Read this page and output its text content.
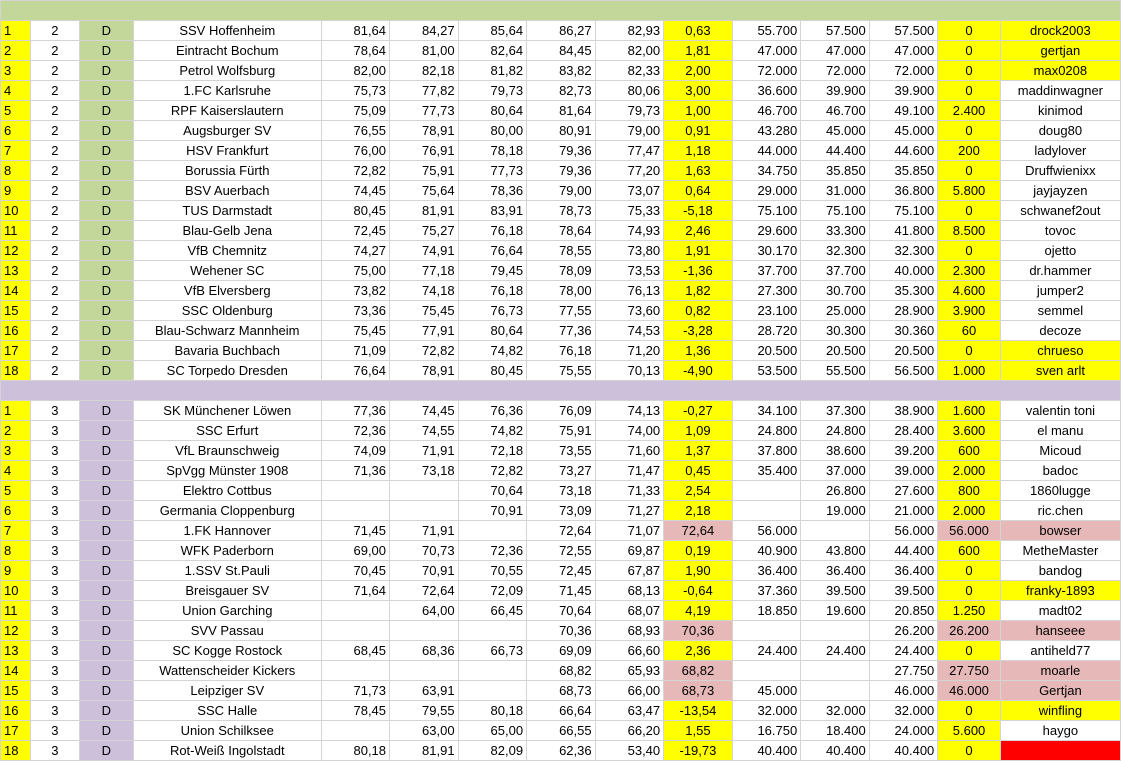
1	2	D	SSV Hoffenheim	81,64	84,27	85,64	86,27	82,93	0,63	55.700	57.500	57.500	0	drock2003
2	2	D	Eintracht Bochum	78,64	81,00	82,64	84,45	82,00	1,81	47.000	47.000	47.000	0	gertjan
3	2	D	Petrol Wolfsburg	82,00	82,18	81,82	83,82	82,33	2,00	72.000	72.000	72.000	0	max0208
4	2	D	1.FC Karlsruhe	75,73	77,82	79,73	82,73	80,06	3,00	36.600	39.900	39.900	0	maddinwagner
5	2	D	RPF Kaiserslautern	75,09	77,73	80,64	81,64	79,73	1,00	46.700	46.700	49.100	2.400	kinimod
6	2	D	Augsburger SV	76,55	78,91	80,00	80,91	79,00	0,91	43.280	45.000	45.000	0	doug80
7	2	D	HSV Frankfurt	76,00	76,91	78,18	79,36	77,47	1,18	44.000	44.400	44.600	200	ladylover
8	2	D	Borussia Fürth	72,82	75,91	77,73	79,36	77,20	1,63	34.750	35.850	35.850	0	Druffwienixx
9	2	D	BSV Auerbach	74,45	75,64	78,36	79,00	73,07	0,64	29.000	31.000	36.800	5.800	jayjayzen
10	2	D	TUS Darmstadt	80,45	81,91	83,91	78,73	75,33	-5,18	75.100	75.100	75.100	0	schwanef2out
11	2	D	Blau-Gelb Jena	72,45	75,27	76,18	78,64	74,93	2,46	29.600	33.300	41.800	8.500	tovoc
12	2	D	VfB Chemnitz	74,27	74,91	76,64	78,55	73,80	1,91	30.170	32.300	32.300	0	ojetto
13	2	D	Wehener SC	75,00	77,18	79,45	78,09	73,53	-1,36	37.700	37.700	40.000	2.300	dr.hammer
14	2	D	VfB Elversberg	73,82	74,18	76,18	78,00	76,13	1,82	27.300	30.700	35.300	4.600	jumper2
15	2	D	SSC Oldenburg	73,36	75,45	76,73	77,55	73,60	0,82	23.100	25.000	28.900	3.900	semmel
16	2	D	Blau-Schwarz Mannheim	75,45	77,91	80,64	77,36	74,53	-3,28	28.720	30.300	30.360	60	decoze
17	2	D	Bavaria Buchbach	71,09	72,82	74,82	76,18	71,20	1,36	20.500	20.500	20.500	0	chrueso
18	2	D	SC Torpedo Dresden	76,64	78,91	80,45	75,55	70,13	-4,90	53.500	55.500	56.500	1.000	sven arlt

1	3	D	SK Münchener Löwen	77,36	74,45	76,36	76,09	74,13	-0,27	34.100	37.300	38.900	1.600	valentin toni
2	3	D	SSC Erfurt	72,36	74,55	74,82	75,91	74,00	1,09	24.800	24.800	28.400	3.600	el manu
3	3	D	VfL Braunschweig	74,09	71,91	72,18	73,55	71,60	1,37	37.800	38.600	39.200	600	Micoud
4	3	D	SpVgg Münster 1908	71,36	73,18	72,82	73,27	71,47	0,45	35.400	37.000	39.000	2.000	badoc
5	3	D	Elektro Cottbus			70,64	73,18	71,33	2,54		26.800	27.600	800	1860lugge
6	3	D	Germania Cloppenburg			70,91	73,09	71,27	2,18		19.000	21.000	2.000	ric.chen
7	3	D	1.FK Hannover	71,45	71,91		72,64	71,07	72,64	56.000		56.000	56.000	bowser
8	3	D	WFK Paderborn	69,00	70,73	72,36	72,55	69,87	0,19	40.900	43.800	44.400	600	MetheMaster
9	3	D	1.SSV St.Pauli	70,45	70,91	70,55	72,45	67,87	1,90	36.400	36.400	36.400	0	bandog
10	3	D	Breisgauer SV	71,64	72,64	72,09	71,45	68,13	-0,64	37.360	39.500	39.500	0	franky-1893
11	3	D	Union Garching		64,00	66,45	70,64	68,07	4,19	18.850	19.600	20.850	1.250	madt02
12	3	D	SVV Passau				70,36	68,93	70,36			26.200	26.200	hanseee
13	3	D	SC Kogge Rostock	68,45	68,36	66,73	69,09	66,60	2,36	24.400	24.400	24.400	0	antiheld77
14	3	D	Wattenscheider Kickers				68,82	65,93	68,82			27.750	27.750	moarle
15	3	D	Leipziger SV	71,73	63,91		68,73	66,00	68,73	45.000		46.000	46.000	Gertjan
16	3	D	SSC Halle	78,45	79,55	80,18	66,64	63,47	-13,54	32.000	32.000	32.000	0	winfling
17	3	D	Union Schilksee		63,00	65,00	66,55	66,20	1,55	16.750	18.400	24.000	5.600	haygo
18	3	D	Rot-Weiß Ingolstadt	80,18	81,91	82,09	62,36	53,40	-19,73	40.400	40.400	40.400	0	
